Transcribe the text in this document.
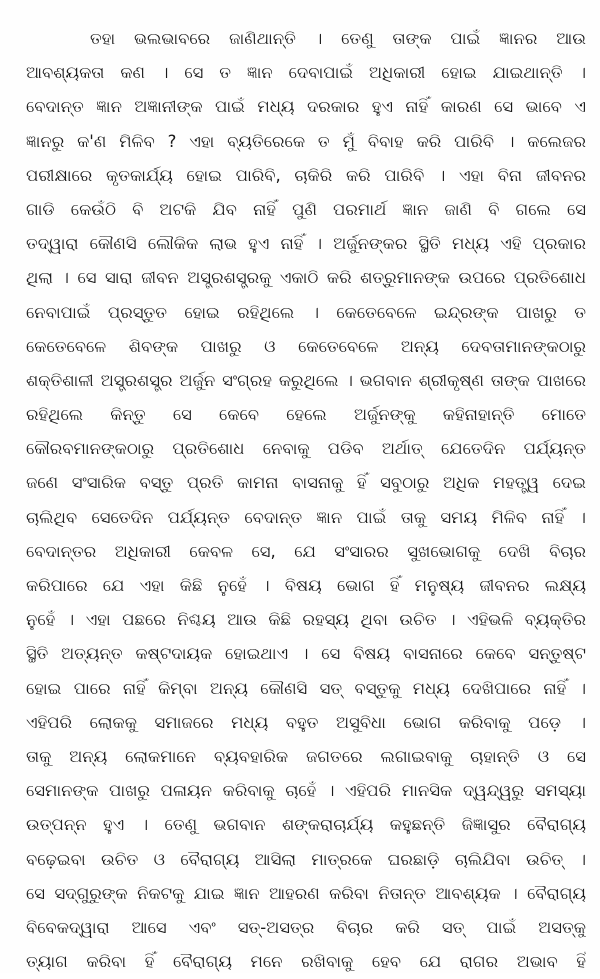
ତହା ଭଲଭାବରେ ଜାଣିଥାନ୍ତି । ତେଣୁ ତାଙ୍କ ପାଇଁ ଜ୍ଞାନର ଆଉ
ଆବଶ୍ୟକତା କଣ । ସେ ତ ଜ୍ଞାନ ଦେବାପାଇଁ ଅଧିକାରୀ ହୋଇ ଯାଇଥାନ୍ତି ।
ବେଦାନ୍ତ ଜ୍ଞାନ ଅଜ୍ଞାନୀଙ୍କ ପାଇଁ ମଧ୍ୟ ଦରକାର ହୁଏ ନାହିଁ କାରଣ ସେ ଭାବେ ଏ
ଜ୍ଞାନରୁ କ'ଣ ମିଳିବ ? ଏହା ବ୍ୟତିରେକେ ତ ମୁଁ ବିବାହ କରି ପାରିବି । କଲେଜର
ପରୀକ୍ଷାରେ କୃତକାର୍ଯ୍ୟ ହୋଇ ପାରିବି, ଚାକିରି କରି ପାରିବି । ଏହା ବିନା ଜୀବନର
ଗାଡି କେଉଁଠି ବି ଅଟକି ଯିବ ନାହିଁ ପୁଣି ପରମାର୍ଥ ଜ୍ଞାନ ଜାଣି ବି ଗଲେ ସେ
ତଦ୍ୱାରା କୌଣସି ଲୌକିକ ଲାଭ ହୁଏ ନାହିଁ । ଅର୍ଜୁନଙ୍କର ସ୍ଥିତି ମଧ୍ୟ ଏହି ପ୍ରକାର
ଥିଲା । ସେ ସାରା ଜୀବନ ଅସ୍ତ୍ରଶସ୍ତ୍ରକୁ ଏକାଠି କରି ଶତ୍ରୁମାନଙ୍କ ଉପରେ ପ୍ରତିଶୋଧ
ନେବାପାଇଁ ପ୍ରସ୍ତୁତ ହୋଇ ରହିଥିଲେ । କେତେବେଳେ ଇନ୍ଦ୍ରଙ୍କ ପାଖରୁ ତ
କେତେବେଳେ ଶିବଙ୍କ ପାଖରୁ ଓ କେତେବେଳେ ଅନ୍ୟ ଦେବତାମାନଙ୍କଠାରୁ
ଶକ୍ତିଶାଳୀ ଅସ୍ତ୍ରଶସ୍ତ୍ର ଅର୍ଜୁନ ସଂଗ୍ରହ କରୁଥିଲେ । ଭଗବାନ ଶ୍ରୀକୃଷ୍ଣ ତାଙ୍କ ପାଖରେ
ରହିଥିଲେ କିନ୍ତୁ ସେ କେବେ ହେଲେ ଅର୍ଜୁନଙ୍କୁ କହିନାହାନ୍ତି ମୋତେ
କୌରବମାନଙ୍କଠାରୁ ପ୍ରତିଶୋଧ ନେବାକୁ ପଡିବ ଅର୍ଥାତ୍ ଯେତେଦିନ ପର୍ଯ୍ୟନ୍ତ
ଜଣେ ସଂସାରିକ ବସ୍ତୁ ପ୍ରତି କାମନା ବାସନାକୁ ହିଁ ସବୁଠାରୁ ଅଧିକ ମହତ୍ତ୍ୱ ଦେଇ
ଚାଲିଥିବ ସେତେଦିନ ପର୍ଯ୍ୟନ୍ତ ବେଦାନ୍ତ ଜ୍ଞାନ ପାଇଁ ତାକୁ ସମୟ ମିଳିବ ନାହିଁ ।
ବେଦାନ୍ତର ଅଧିକାରୀ କେବଳ ସେ, ଯେ ସଂସାରର ସୁଖଭୋଗକୁ ଦେଖି ବିଚାର
କରିପାରେ ଯେ ଏହା କିଛି ନୁହେଁ । ବିଷୟ ଭୋଗ ହିଁ ମନୁଷ୍ୟ ଜୀବନର ଲକ୍ଷ୍ୟ
ନୁହେଁ । ଏହା ପଛରେ ନିଶ୍ଚୟ ଆଉ କିଛି ରହସ୍ୟ ଥିବା ଉଚିତ । ଏହିଭଳି ବ୍ୟକ୍ତିର
ସ୍ଥିତି ଅତ୍ୟନ୍ତ କଷ୍ଟଦାୟକ ହୋଇଥାଏ । ସେ ବିଷୟ ବାସନାରେ କେବେ ସନ୍ତୁଷ୍ଟ
ହୋଇ ପାରେ ନାହିଁ କିମ୍ବା ଅନ୍ୟ କୌଣସି ସତ୍ ବସ୍ତୁକୁ ମଧ୍ୟ ଦେଖିପାରେ ନାହିଁ ।
ଏହିପରି ଲୋକକୁ ସମାଜରେ ମଧ୍ୟ ବହୁତ ଅସୁବିଧା ଭୋଗ କରିବାକୁ ପଡ଼େ ।
ତାକୁ ଅନ୍ୟ ଲୋକମାନେ ବ୍ୟବହାରିକ ଜଗତରେ ଲଗାଇବାକୁ ଚାହାନ୍ତି ଓ ସେ
ସେମାନଙ୍କ ପାଖରୁ ପଳାୟନ କରିବାକୁ ଚାହେଁ । ଏହିପରି ମାନସିକ ଦ୍ୱନ୍ଦ୍ୱରୁ ସମସ୍ୟା
ଉତ୍ପନ୍ନ ହୁଏ । ତେଣୁ ଭଗବାନ ଶଙ୍କରାଚାର୍ଯ୍ୟ କହୁଛନ୍ତି ଜିଜ୍ଞାସୁର ବୈରାଗ୍ୟ
ବଢ଼େଇବା ଉଚିତ ଓ ବୈରାଗ୍ୟ ଆସିଲା ମାତ୍ରକେ ଘରଛାଡ଼ି ଚାଲିଯିବା ଉଚିତ୍ ।
ସେ ସଦ୍‌ଗୁରୁଙ୍କ ନିକଟକୁ ଯାଇ ଜ୍ଞାନ ଆହରଣ କରିବା ନିତାନ୍ତ ଆବଶ୍ୟକ । ବୈରାଗ୍ୟ
ବିବେକଦ୍ୱାରା ଆସେ ଏବଂ ସତ୍-ଅସତ୍‌ର ବିଚାର କରି ସତ୍ ପାଇଁ ଅସତ୍‌କୁ
ତ୍ୟାଗ କରିବା ହିଁ ବୈରାଗ୍ୟ ମନେ ରଖିବାକୁ ହେବ ଯେ ରାଗର ଅଭାବ ହିଁ
